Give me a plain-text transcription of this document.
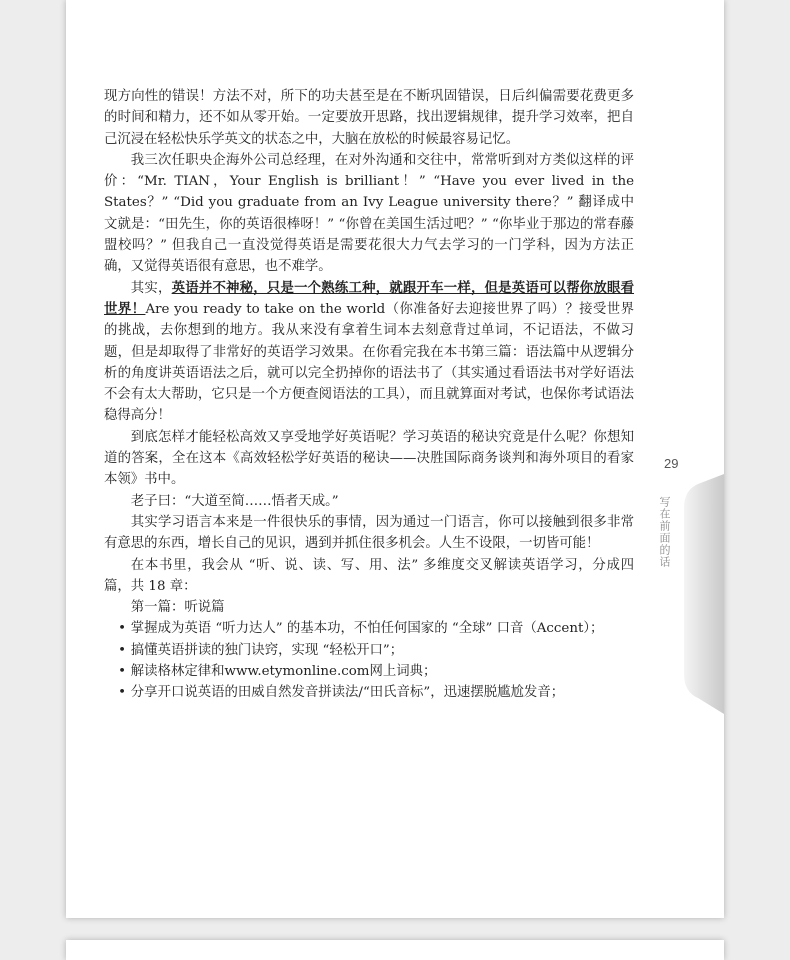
现方向性的错误！方法不对，所下的功夫甚至是在不断巩固错误，日后纠偏需要花费更多的时间和精力，还不如从零开始。一定要放开思路，找出逻辑规律，提升学习效率，把自己沉浸在轻松快乐学英文的状态之中，大脑在放松的时候最容易记忆。

我三次任职央企海外公司总经理，在对外沟通和交往中，常常听到对方类似这样的评价：“Mr. TIAN，Your English is brilliant！” “Have you ever lived in the States？” “Did you graduate from an Ivy League university there？” 翻译成中文就是：“田先生，你的英语很棒呀！” “你曾在美国生活过吧？” “你毕业于那边的常春藤盟校吗？” 但我自己一直没觉得英语是需要花很大力气去学习的一门学科，因为方法正确，又觉得英语很有意思，也不难学。

其实，英语并不神秘，只是一个熟练工种，就跟开车一样，但是英语可以帮你放眼看世界！Are you ready to take on the world（你准备好去迎接世界了吗）？接受世界的挑战，去你想到的地方。我从来没有拿着生词本去刻意背过单词，不记语法，不做习题，但是却取得了非常好的英语学习效果。在你看完我在本书第三篇：语法篇中从逻辑分析的角度讲英语语法之后，就可以完全扔掉你的语法书了（其实通过看语法书对学好语法不会有太大帮助，它只是一个方便查阅语法的工具），而且就算面对考试，也保你考试语法稳得高分！

到底怎样才能轻松高效又享受地学好英语呢？学习英语的秘诀究竟是什么呢？你想知道的答案，全在这本《高效轻松学好英语的秘诀——决胜国际商务谈判和海外项目的看家本领》书中。

老子曰：“大道至简……悟者天成。”

其实学习语言本来是一件很快乐的事情，因为通过一门语言，你可以接触到很多非常有意思的东西，增长自己的见识，遇到并抓住很多机会。人生不设限，一切皆可能！

在本书里，我会从 “听、说、读、写、用、法” 多维度交叉解读英语学习，分成四篇，共 18 章：

第一篇：听说篇

• 掌握成为英语 “听力达人” 的基本功，不怕任何国家的 “全球” 口音（Accent）；

• 搞懂英语拼读的独门诀窍，实现 “轻松开口”；

• 解读格林定律和www.etymonline.com网上词典；

• 分享开口说英语的田威自然发音拼读法/“田氏音标”，迅速摆脱尴尬发音；

29
写在前面的话
